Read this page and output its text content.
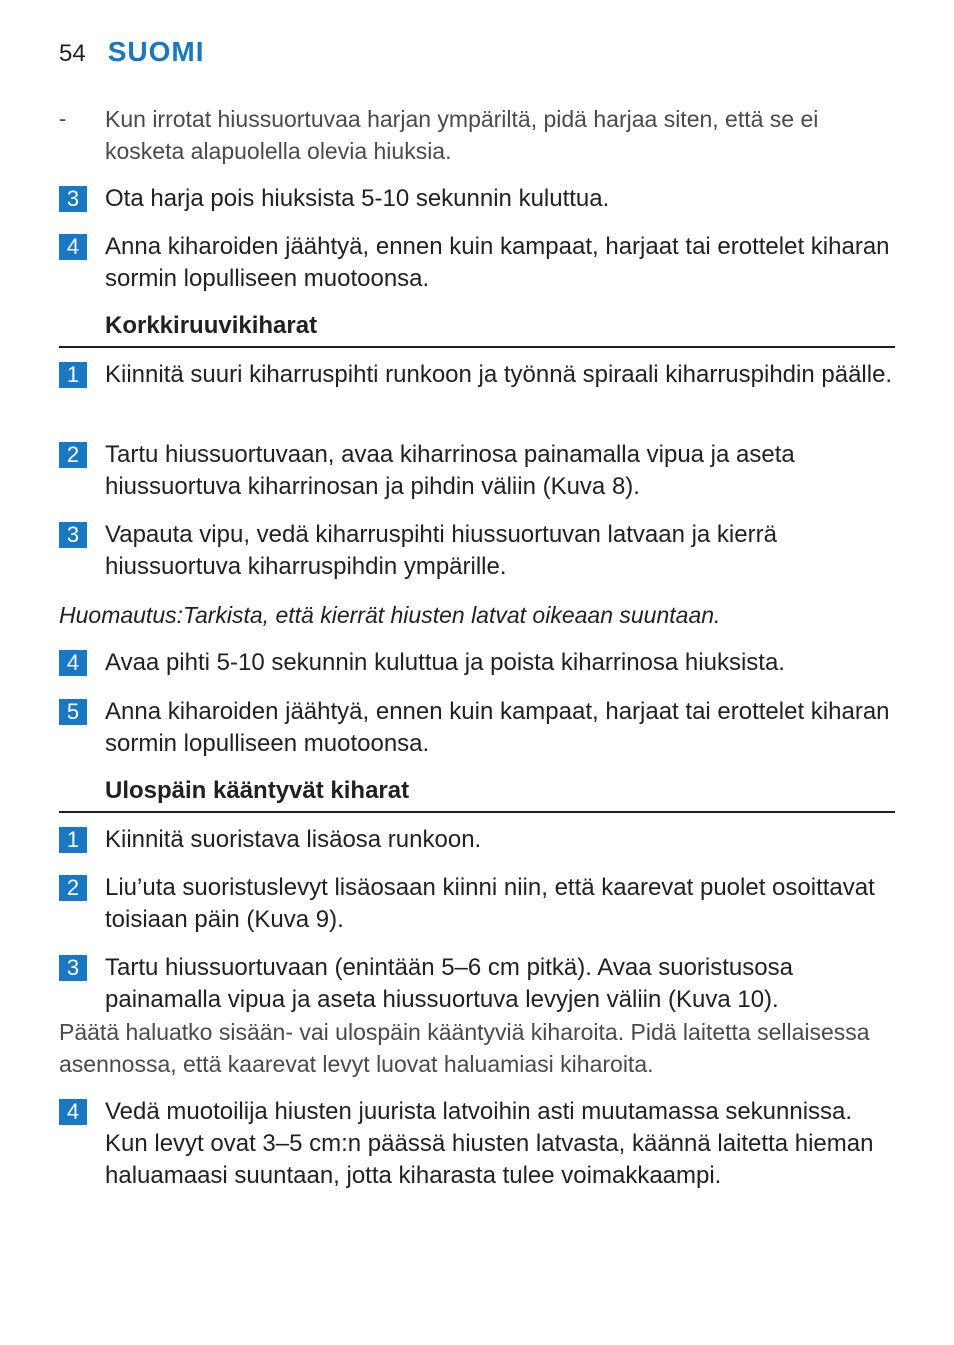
54 SUOMI
-	Kun irrotat hiussuortuvaa harjan ympäriltä, pidä harjaa siten, että se ei kosketa alapuolella olevia hiuksia.
3	Ota harja pois hiuksista 5-10 sekunnin kuluttua.
4	Anna kiharoiden jäähtyä, ennen kuin kampaat, harjaat tai erottelet kiharan sormin lopulliseen muotoonsa.
Korkkiruuvikiharat
1	Kiinnitä suuri kiharruspihti runkoon ja työnnä spiraali kiharruspihdin päälle.
2	Tartu hiussuortuvaan, avaa kiharrinosa painamalla vipua ja aseta hiussuortuva kiharrinosan ja pihdin väliin (Kuva 8).
3	Vapauta vipu, vedä kiharruspihti hiussuortuvan latvaan ja kierrä hiussuortuva kiharruspihdin ympärille.
Huomautus:Tarkista, että kierrät hiusten latvat oikeaan suuntaan.
4	Avaa pihti 5-10 sekunnin kuluttua ja poista kiharrinosa hiuksista.
5	Anna kiharoiden jäähtyä, ennen kuin kampaat, harjaat tai erottelet kiharan sormin lopulliseen muotoonsa.
Ulospäin kääntyvät kiharat
1	Kiinnitä suoristava lisäosa runkoon.
2	Liu’uta suoristuslevyt lisäosaan kiinni niin, että kaarevat puolet osoittavat toisiaan päin (Kuva 9).
3	Tartu hiussuortuvaan (enintään 5–6 cm pitkä). Avaa suoristusosa painamalla vipua ja aseta hiussuortuva levyjen väliin (Kuva 10).
Päätä haluatko sisään- vai ulospäin kääntyviä kiharoita. Pidä laitetta sellaisessa asennossa, että kaarevat levyt luovat haluamiasi kiharoita.
4	Vedä muotoilija hiusten juurista latvoihin asti muutamassa sekunnissa. Kun levyt ovat 3–5 cm:n päässä hiusten latvasta, käännä laitetta hieman haluamaasi suuntaan, jotta kiharasta tulee voimakkaampi.
